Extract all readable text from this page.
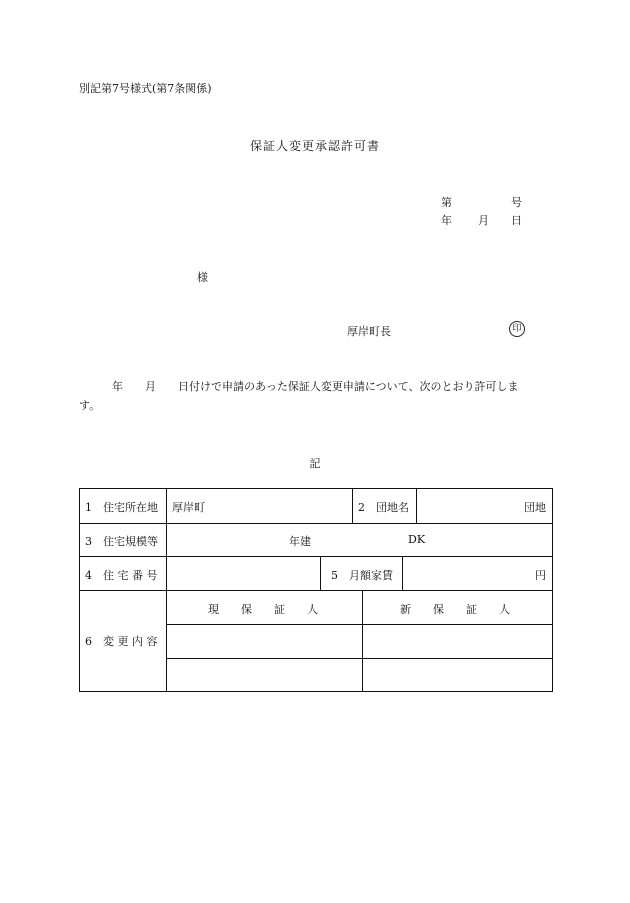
別記第7号様式(第7条関係)
保証人変更承認許可書
第	号
年 月 日
様
厚岸町長	印
　　　年　　月　　日付けで申請のあった保証人変更申請について、次のとおり許可しま
す。
記
1　住宅所在地 厚岸町	2　団地名	団地
3　住宅規模等	年建	DK
4　住 宅 番 号	5　月額家賃	円
6　変 更 内 容
現　　保　　証　　人	新　　保　　証　　人
